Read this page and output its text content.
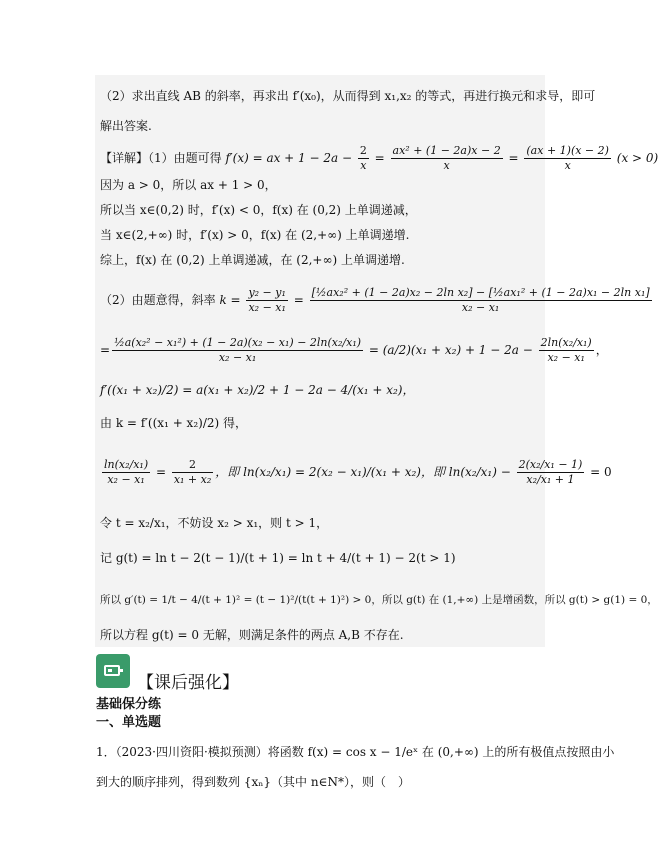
（2）求出直线 AB 的斜率，再求出 f′(x₀)，从而得到 x₁,x₂ 的等式，再进行换元和求导，即可
解出答案.
【详解】（1）由题可得 f′(x) = ax + $1 - 2a - \frac{2}{x} = \frac{\text{ax² + (1 − 2a)x − 2}}{x} = \frac{(ax + 1)(x - 2)}{x} (x > 0)$
因为 a > 0，所以 ax + 1 > 0，
所以当 x∈(0,2) 时，f′(x) < 0，f(x) 在 (0,2) 上单调递减，
当 x∈(2,+∞) 时，f′(x) > 0，f(x) 在 (2,+∞) 上单调递增.
综上，f(x) 在 (0,2) 上单调递减，在 (2,+∞) 上单调递增.
（2）由题意得，斜率 $k = \frac{\text{y₂ − y₁}}{\text{x₂ − x₁}}$ =
[½ax₂² + (1 − 2a)x₂ − 2ln x₂] − [½ax₁² + (1 − 2a)x₁ − 2ln x₁]
x₂ − x₁
= $\frac{\text{½a(x₂² − x₁²) + (1 − 2a)(x₂ − x₁) − 2ln(x₂/x₁)}}{\text{x₂ − x₁}} = (a/2)(x_1 + x_2) + 1 - 2a - \frac{\text{2ln(x₂/x₁)}}{\text{x₂ − x₁}}$ ，
f′((x₁ + x₂)/2) = a(x₁ + x₂)/2 + 1 − 2a − 4/(x₁ + x₂)，
由 k = f′((x₁ + x₂)/2) 得，
$\frac{\text{ln(x₂/x₁)}}{\text{x₂ − x₁}} = \frac{2}{\text{x₁ + x₂}}$ ，即 ln(x₂/x₁) = 2(x₂ − x₁)/(x₁ + x₂)，即 $\ln(x_2/x_1) - \frac{\text{2(x₂/x₁ − 1)}}{\text{x₂/x₁ + 1}} = 0$
令 t = x₂/x₁，不妨设 x₂ > x₁，则 t > 1，
记 g(t) = ln t − 2(t − 1)/(t + 1) = ln t + 4/(t + 1) − 2(t > 1)
所以 g′(t) = 1/t − 4/(t + 1)² = (t − 1)²/(t(t + 1)²) > 0，所以 g(t) 在 (1,+∞) 上是增函数，所以 g(t) > g(1) = 0，
所以方程 g(t) = 0 无解，则满足条件的两点 A,B 不存在.
【课后强化】
基础保分练
一、单选题
1．（2023·四川资阳·模拟预测）将函数 f(x) = cos x − 1/eˣ 在 (0,+∞) 上的所有极值点按照由小
到大的顺序排列，得到数列 {xₙ}（其中 n∈N*），则（　）
